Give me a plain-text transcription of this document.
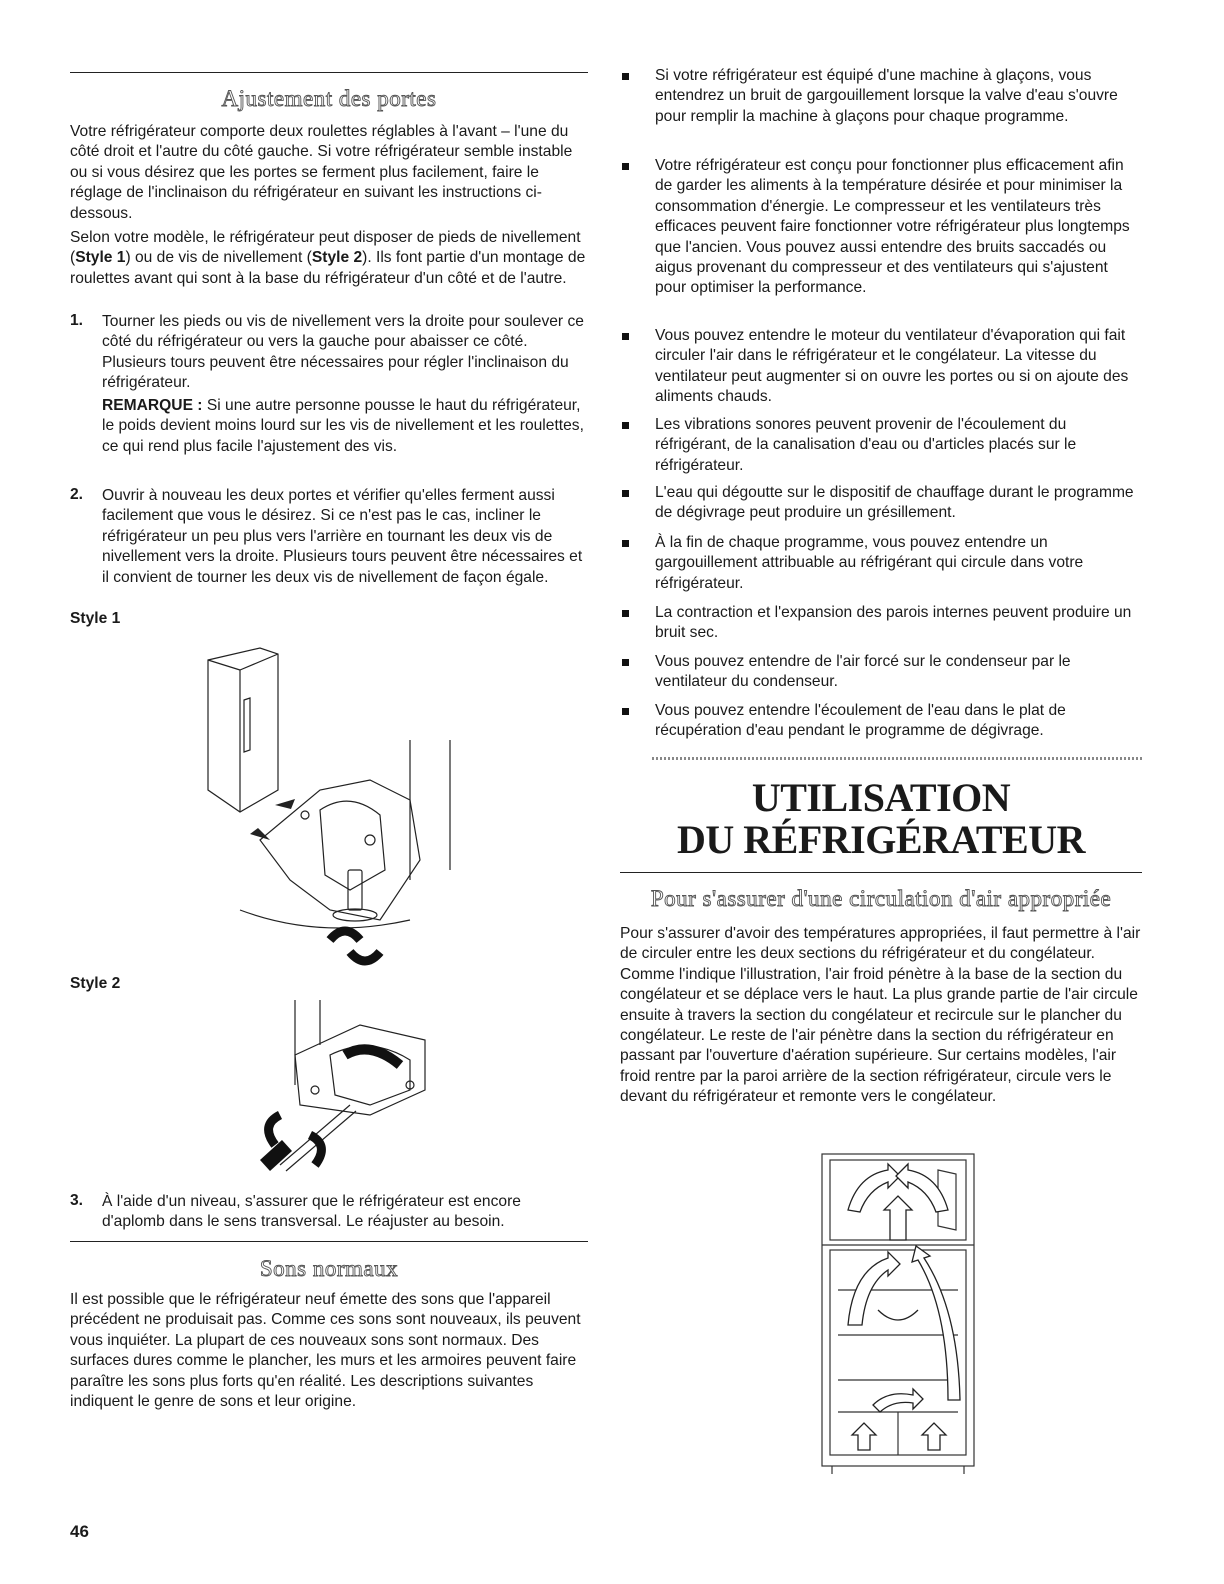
Ajustement des portes

Votre réfrigérateur comporte deux roulettes réglables à l'avant – l'une du côté droit et l'autre du côté gauche. Si votre réfrigérateur semble instable ou si vous désirez que les portes se ferment plus facilement, faire le réglage de l'inclinaison du réfrigérateur en suivant les instructions ci-dessous.

Selon votre modèle, le réfrigérateur peut disposer de pieds de nivellement (Style 1) ou de vis de nivellement (Style 2). Ils font partie d'un montage de roulettes avant qui sont à la base du réfrigérateur d'un côté et de l'autre.

1. Tourner les pieds ou vis de nivellement vers la droite pour soulever ce côté du réfrigérateur ou vers la gauche pour abaisser ce côté. Plusieurs tours peuvent être nécessaires pour régler l'inclinaison du réfrigérateur.

REMARQUE : Si une autre personne pousse le haut du réfrigérateur, le poids devient moins lourd sur les vis de nivellement et les roulettes, ce qui rend plus facile l'ajustement des vis.

2. Ouvrir à nouveau les deux portes et vérifier qu'elles ferment aussi facilement que vous le désirez. Si ce n'est pas le cas, incliner le réfrigérateur un peu plus vers l'arrière en tournant les deux vis de nivellement vers la droite. Plusieurs tours peuvent être nécessaires et il convient de tourner les deux vis de nivellement de façon égale.

Style 1
Style 2
3. À l'aide d'un niveau, s'assurer que le réfrigérateur est encore d'aplomb dans le sens transversal. Le réajuster au besoin.

Sons normaux

Il est possible que le réfrigérateur neuf émette des sons que l'appareil précédent ne produisait pas. Comme ces sons sont nouveaux, ils peuvent vous inquiéter. La plupart de ces nouveaux sons sont normaux. Des surfaces dures comme le plancher, les murs et les armoires peuvent faire paraître les sons plus forts qu'en réalité. Les descriptions suivantes indiquent le genre de sons et leur origine.

46
Si votre réfrigérateur est équipé d'une machine à glaçons, vous entendrez un bruit de gargouillement lorsque la valve d'eau s'ouvre pour remplir la machine à glaçons pour chaque programme.
Votre réfrigérateur est conçu pour fonctionner plus efficacement afin de garder les aliments à la température désirée et pour minimiser la consommation d'énergie. Le compresseur et les ventilateurs très efficaces peuvent faire fonctionner votre réfrigérateur plus longtemps que l'ancien. Vous pouvez aussi entendre des bruits saccadés ou aigus provenant du compresseur et des ventilateurs qui s'ajustent pour optimiser la performance.
Vous pouvez entendre le moteur du ventilateur d'évaporation qui fait circuler l'air dans le réfrigérateur et le congélateur. La vitesse du ventilateur peut augmenter si on ouvre les portes ou si on ajoute des aliments chauds.
Les vibrations sonores peuvent provenir de l'écoulement du réfrigérant, de la canalisation d'eau ou d'articles placés sur le réfrigérateur.
L'eau qui dégoutte sur le dispositif de chauffage durant le programme de dégivrage peut produire un grésillement.
À la fin de chaque programme, vous pouvez entendre un gargouillement attribuable au réfrigérant qui circule dans votre réfrigérateur.
La contraction et l'expansion des parois internes peuvent produire un bruit sec.
Vous pouvez entendre de l'air forcé sur le condenseur par le ventilateur du condenseur.
Vous pouvez entendre l'écoulement de l'eau dans le plat de récupération d'eau pendant le programme de dégivrage.
UTILISATION
DU RÉFRIGÉRATEUR
Pour s'assurer d'une circulation d'air appropriée

Pour s'assurer d'avoir des températures appropriées, il faut permettre à l'air de circuler entre les deux sections du réfrigérateur et du congélateur. Comme l'indique l'illustration, l'air froid pénètre à la base de la section du congélateur et se déplace vers le haut. La plus grande partie de l'air circule ensuite à travers la section du congélateur et recircule sur le plancher du congélateur. Le reste de l'air pénètre dans la section du réfrigérateur en passant par l'ouverture d'aération supérieure. Sur certains modèles, l'air froid rentre par la paroi arrière de la section réfrigérateur, circule vers le devant du réfrigérateur et remonte vers le congélateur.
